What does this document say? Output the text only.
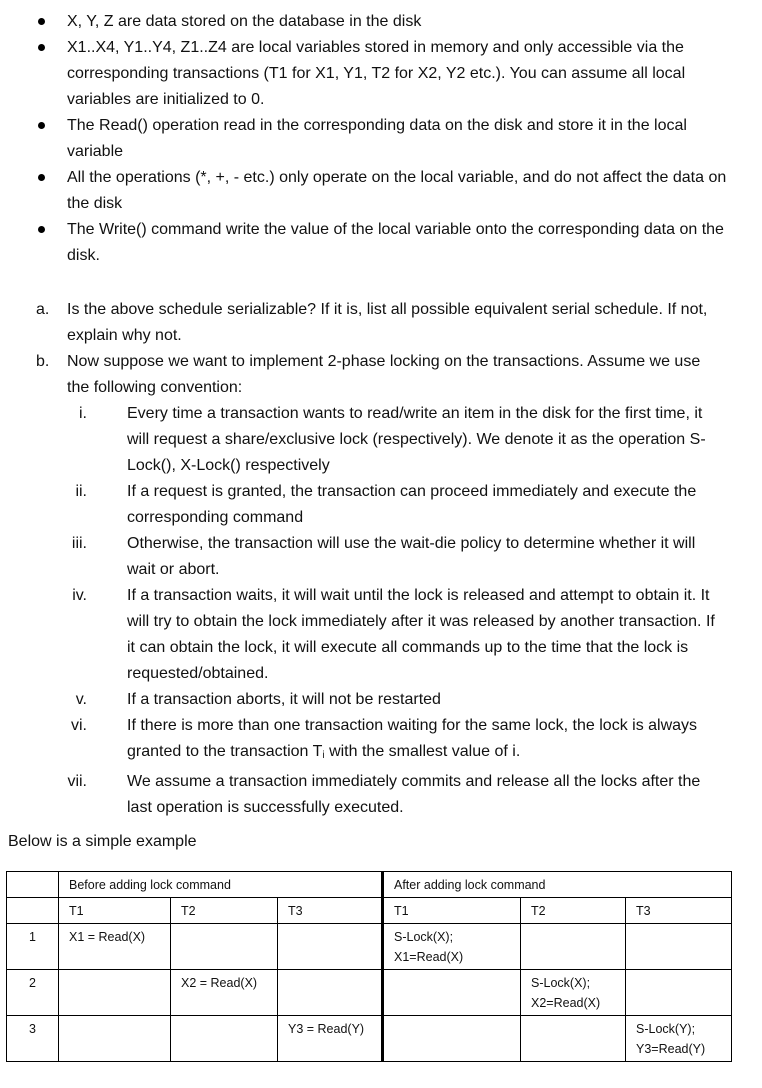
X, Y, Z are data stored on the database in the disk
X1..X4, Y1..Y4, Z1..Z4 are local variables stored in memory and only accessible via the corresponding transactions (T1 for X1, Y1, T2 for X2, Y2 etc.). You can assume all local variables are initialized to 0.
The Read() operation read in the corresponding data on the disk and store it in the local variable
All the operations (*, +, - etc.) only operate on the local variable, and do not affect the data on the disk
The Write() command write the value of the local variable onto the corresponding data on the disk.
a. Is the above schedule serializable? If it is, list all possible equivalent serial schedule. If not, explain why not.
b. Now suppose we want to implement 2-phase locking on the transactions. Assume we use the following convention:
i.	Every time a transaction wants to read/write an item in the disk for the first time, it will request a share/exclusive lock (respectively). We denote it as the operation S-Lock(), X-Lock() respectively
ii.	If a request is granted, the transaction can proceed immediately and execute the corresponding command
iii.	Otherwise, the transaction will use the wait-die policy to determine whether it will wait or abort.
iv.	If a transaction waits, it will wait until the lock is released and attempt to obtain it. It will try to obtain the lock immediately after it was released by another transaction. If it can obtain the lock, it will execute all commands up to the time that the lock is requested/obtained.
v.	If a transaction aborts, it will not be restarted
vi.	If there is more than one transaction waiting for the same lock, the lock is always granted to the transaction Ti with the smallest value of i.
vii.	We assume a transaction immediately commits and release all the locks after the last operation is successfully executed.
Below is a simple example
	Before adding lock command			After adding lock command		
	T1	T2	T3	T1	T2	T3
1	X1 = Read(X)			S-Lock(X);
X1=Read(X)		

2		X2 = Read(X)			S-Lock(X);
X2=Read(X)	

3			Y3 = Read(Y)			S-Lock(Y);
Y3=Read(Y)
